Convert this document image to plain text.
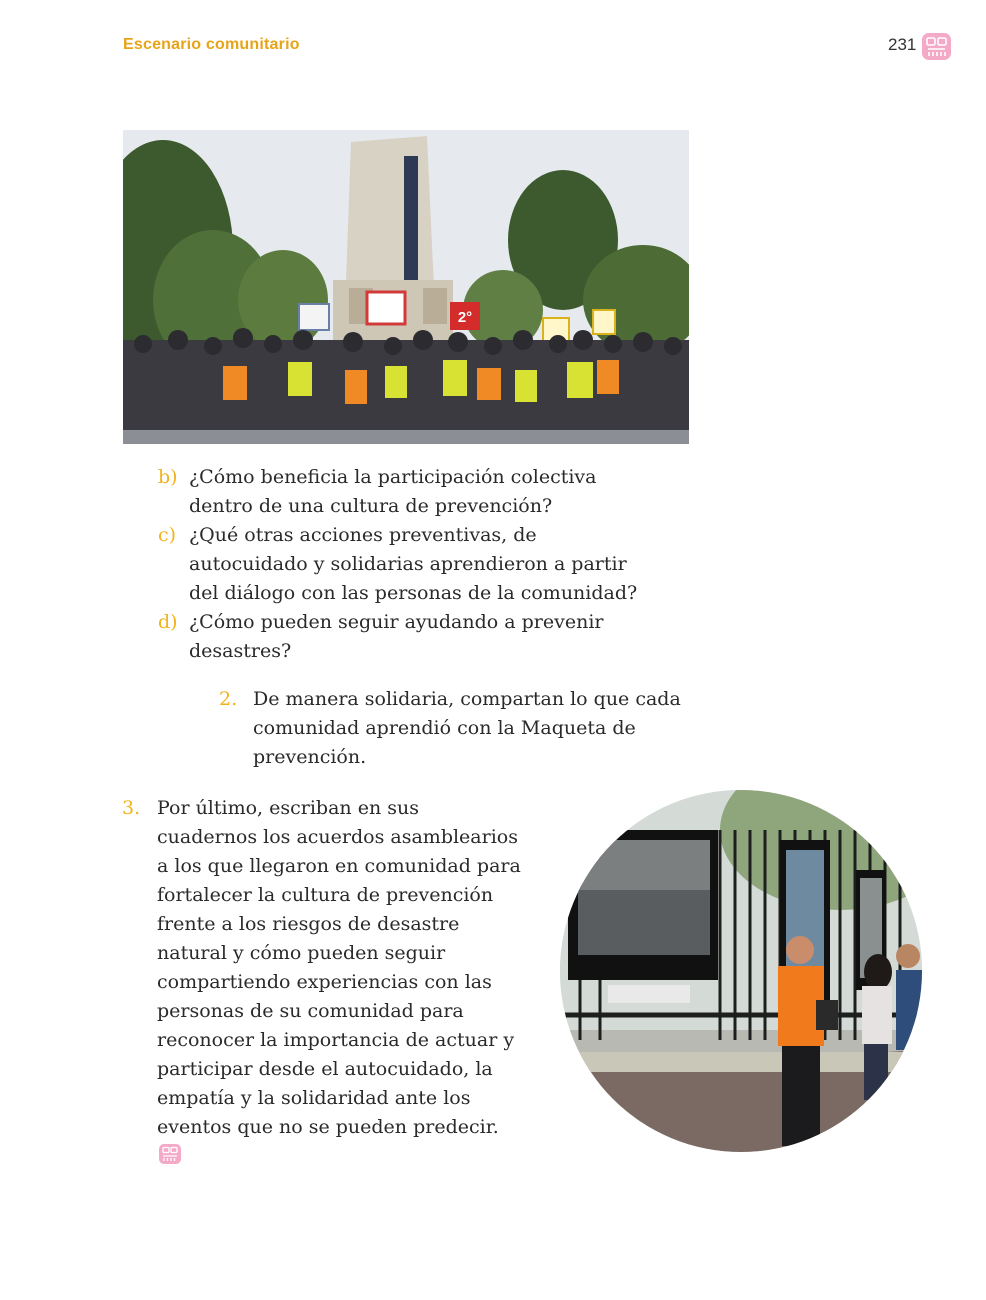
Escenario comunitario	231
2°
b) ¿Cómo beneficia la participación colectiva dentro de una cultura de prevención?
c) ¿Qué otras acciones preventivas, de autocuidado y solidarias aprendieron a partir del diálogo con las personas de la comunidad?
d) ¿Cómo pueden seguir ayudando a prevenir desastres?
2. De manera solidaria, compartan lo que cada comunidad aprendió con la Maqueta de prevención.
3. Por último, escriban en sus cuadernos los acuerdos asamblearios a los que llegaron en comunidad para fortalecer la cultura de prevención frente a los riesgos de desastre natural y cómo pueden seguir compartiendo experiencias con las personas de su comunidad para reconocer la importancia de actuar y participar desde el autocuidado, la empatía y la solidaridad ante los eventos que no se pueden predecir.
